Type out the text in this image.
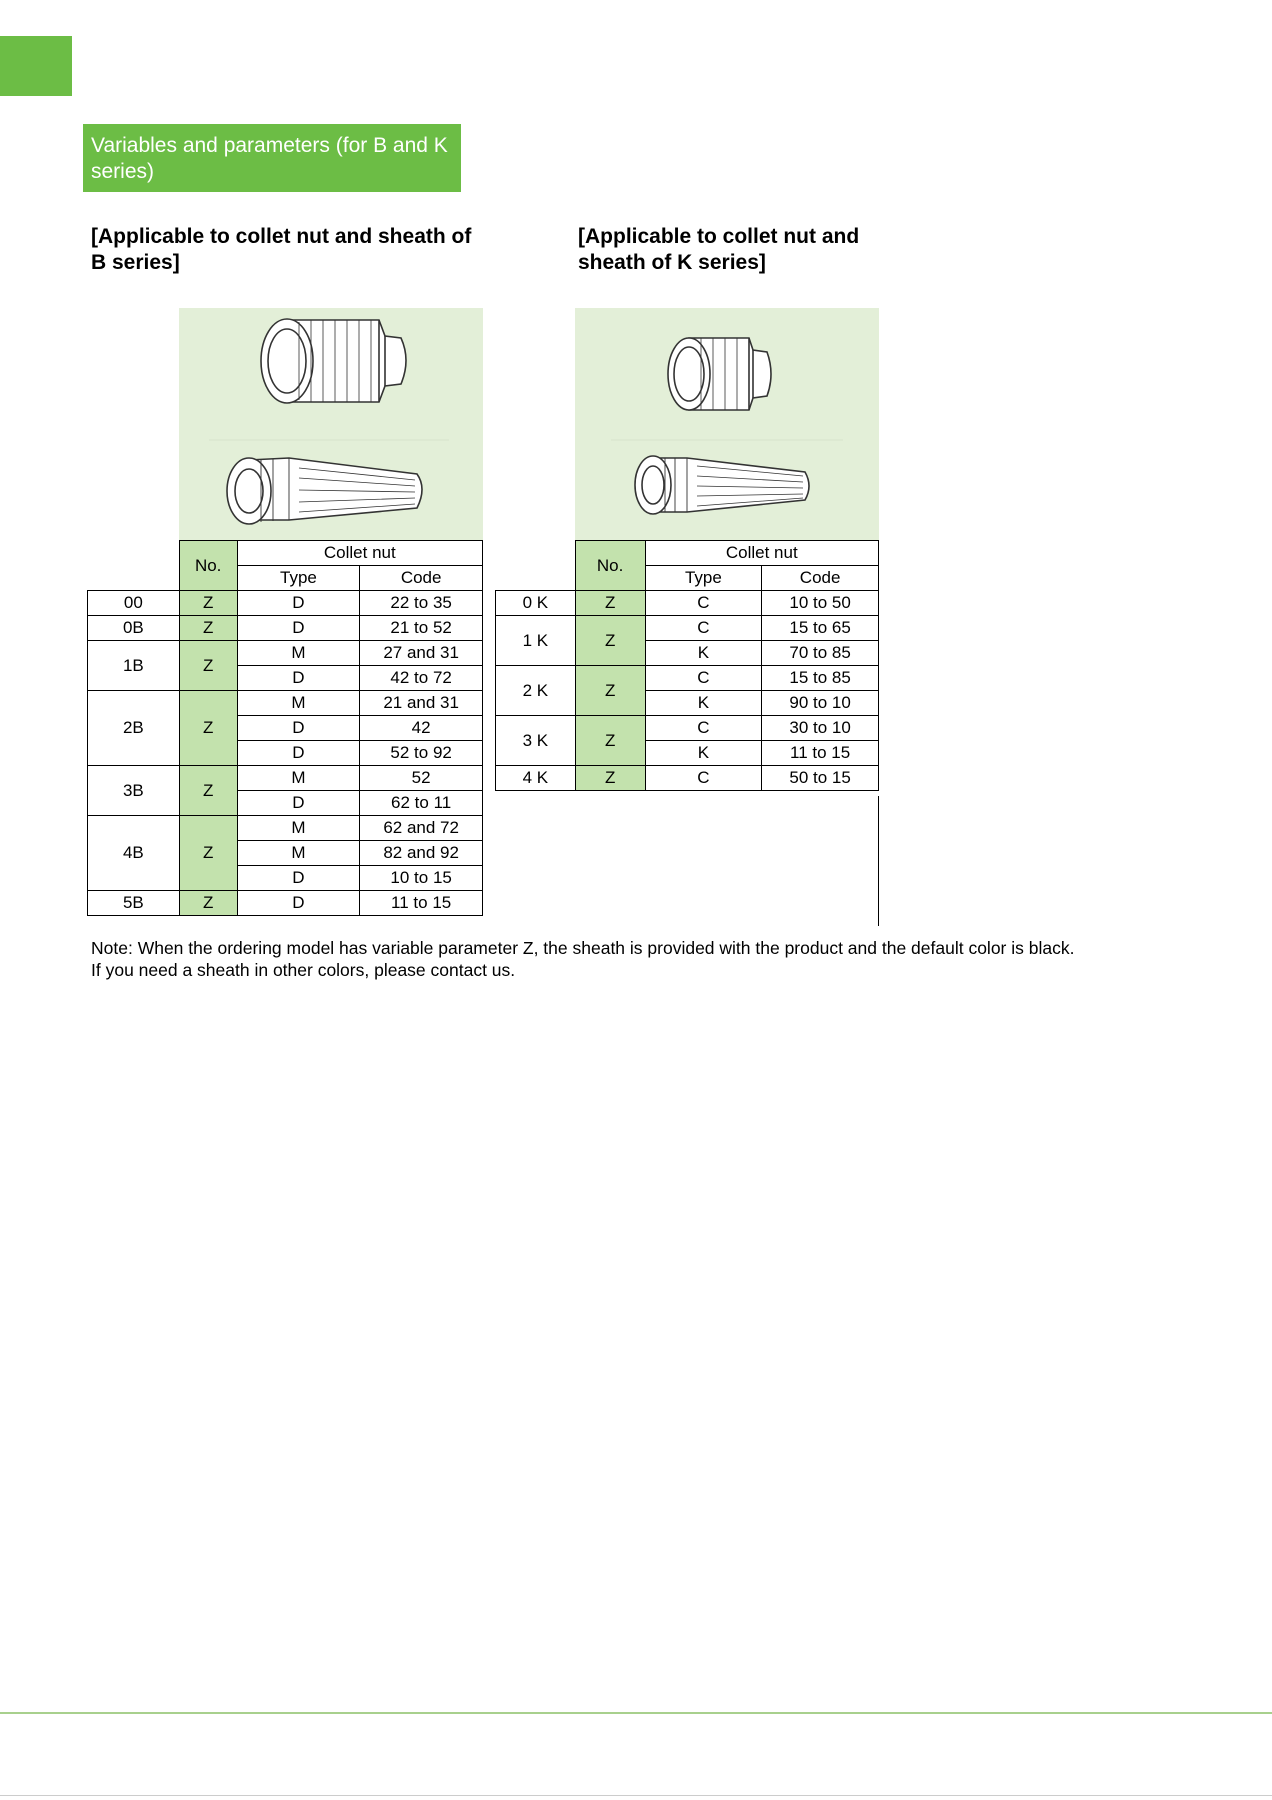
Variables and parameters (for B and K series)
[Applicable to collet nut and sheath of B series]
	No.	Collet nut	
		Type	Code
00	Z	D	22 to 35
0B	Z	D	21 to 52
1B	Z	M	27 and 31
		D	42 to 72
2B	Z	M	21 and 31
		D	42
		D	52 to 92
3B	Z	M	52
		D	62 to 11
4B	Z	M	62 and 72
		M	82 and 92
		D	10 to 15
5B	Z	D	11 to 15
[Applicable to collet nut and sheath of K series]
	No.	Collet nut	
		Type	Code
0 K	Z	C	10 to 50
1 K	Z	C	15 to 65
		K	70 to 85
2 K	Z	C	15 to 85
		K	90 to 10
3 K	Z	C	30 to 10
		K	11 to 15
4 K	Z	C	50 to 15
Note: When the ordering model has variable parameter Z, the sheath is provided with the product and the default color is black.
If you need a sheath in other colors, please contact us.
